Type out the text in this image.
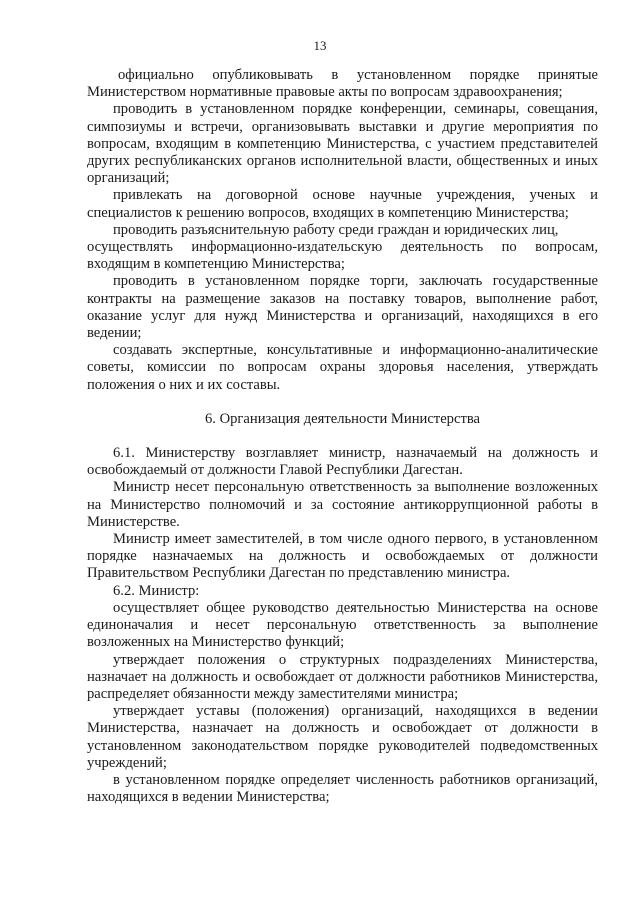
13

официально опубликовывать в установленном порядке принятые Министерством нормативные правовые акты по вопросам здравоохранения;

проводить в установленном порядке конференции, семинары, совещания, симпозиумы и встречи, организовывать выставки и другие мероприятия по вопросам, входящим в компетенцию Министерства, с участием представителей других республиканских органов исполнительной власти, общественных и иных организаций;

привлекать на договорной основе научные учреждения, ученых и специалистов к решению вопросов, входящих в компетенцию Министерства;

проводить разъяснительную работу среди граждан и юридических лиц,

осуществлять информационно-издательскую деятельность по вопросам, входящим в компетенцию Министерства;

проводить в установленном порядке торги, заключать государственные контракты на размещение заказов на поставку товаров, выполнение работ, оказание услуг для нужд Министерства и организаций, находящихся в его ведении;

создавать экспертные, консультативные и информационно-аналитические советы, комиссии по вопросам охраны здоровья населения, утверждать положения о них и их составы.

6. Организация деятельности Министерства

6.1. Министерству возглавляет министр, назначаемый на должность и освобождаемый от должности Главой Республики Дагестан.

Министр несет персональную ответственность за выполнение возложенных на Министерство полномочий и за состояние антикоррупционной работы в Министерстве.

Министр имеет заместителей, в том числе одного первого, в установленном порядке назначаемых на должность и освобождаемых от должности Правительством Республики Дагестан по представлению министра.

6.2. Министр:

осуществляет общее руководство деятельностью Министерства на основе единоначалия и несет персональную ответственность за выполнение возложенных на Министерство функций;

утверждает положения о структурных подразделениях Министерства, назначает на должность и освобождает от должности работников Министерства, распределяет обязанности между заместителями министра;

утверждает уставы (положения) организаций, находящихся в ведении Министерства, назначает на должность и освобождает от должности в установленном законодательством порядке руководителей подведомственных учреждений;

в установленном порядке определяет численность работников организаций, находящихся в ведении Министерства;
